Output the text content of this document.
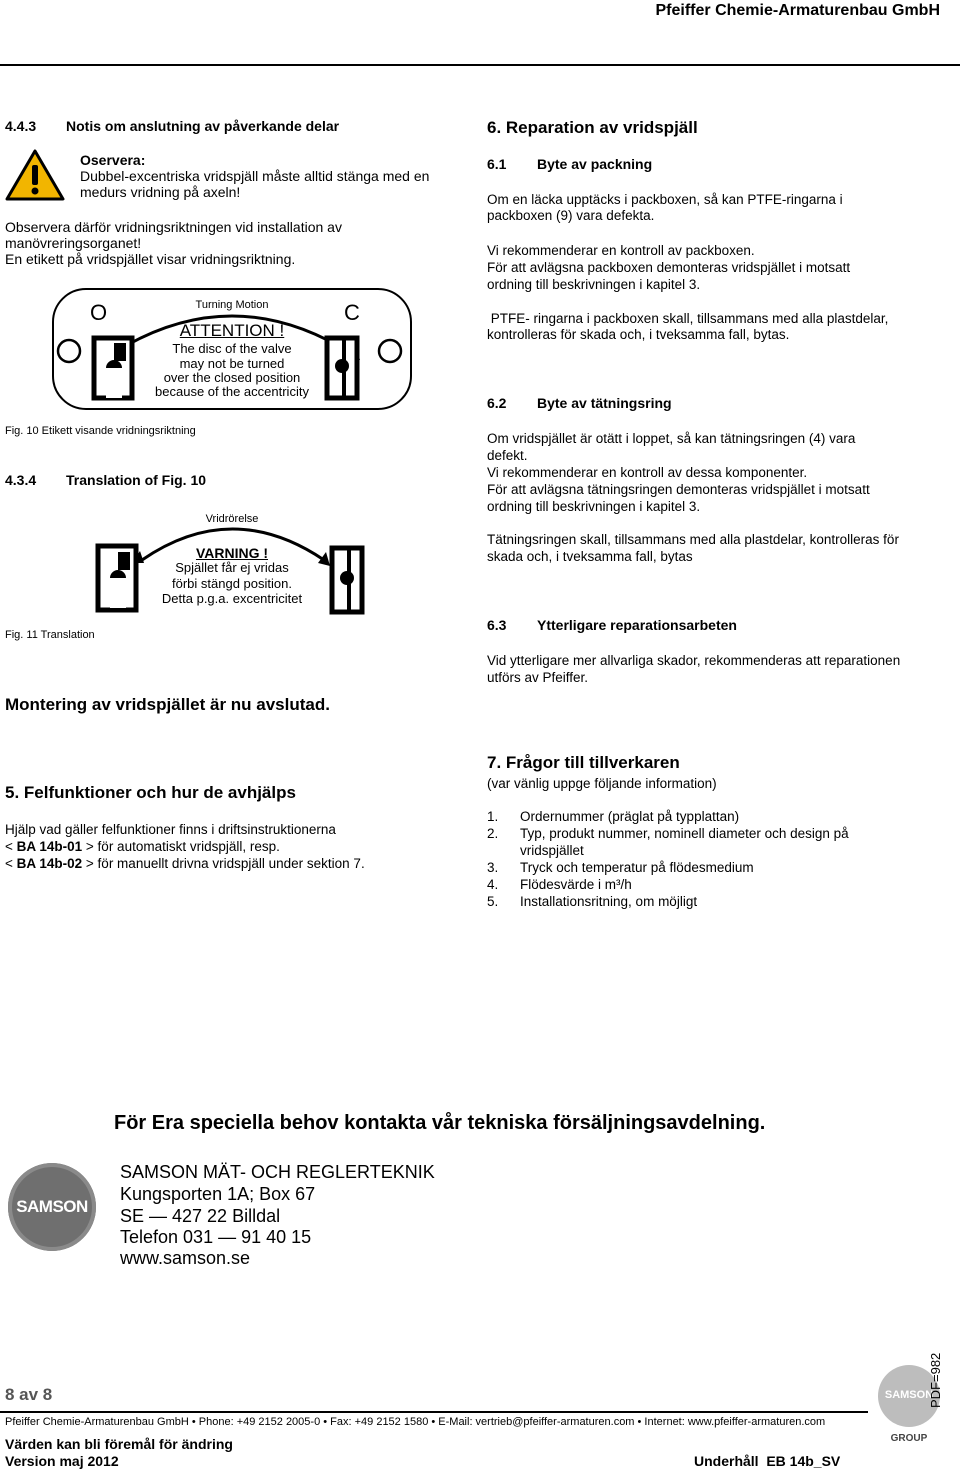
Pfeiffer Chemie-Armaturenbau GmbH
4.4.3 Notis om anslutning av påverkande delar
Oservera:
Dubbel-excentriska vridspjäll måste alltid stänga med en
medurs vridning på axeln!
Observera därför vridningsriktningen vid installation av
manövreringsorganet!
En etikett på vridspjället visar vridningsriktning.
O	C
Turning Motion
ATTENTION !
The disc of the valve
may not be turned
over the closed position
because of the accentricity
Fig. 10 Etikett visande vridningsriktning
4.3.4 Translation of Fig. 10
Vridrörelse
VARNING !
Spjället får ej vridas
förbi stängd position.
Detta p.g.a. excentricitet
Fig. 11 Translation
Montering av vridspjället är nu avslutad.
6. Reparation av vridspjäll
6.1 Byte av packning
Om en läcka upptäcks i packboxen, så kan PTFE-ringarna i
packboxen (9) vara defekta.
Vi rekommenderar en kontroll av packboxen.
För att avlägsna packboxen demonteras vridspjället i motsatt
ordning till beskrivningen i kapitel 3.
PTFE- ringarna i packboxen skall, tillsammans med alla plastdelar,
kontrolleras för skada och, i tveksamma fall, bytas.
6.2 Byte av tätningsring
Om vridspjället är otätt i loppet, så kan tätningsringen (4) vara
defekt.
Vi rekommenderar en kontroll av dessa komponenter.
För att avlägsna tätningsringen demonteras vridspjället i motsatt
ordning till beskrivningen i kapitel 3.
Tätningsringen skall, tillsammans med alla plastdelar, kontrolleras för
skada och, i tveksamma fall, bytas
6.3 Ytterligare reparationsarbeten
Vid ytterligare mer allvarliga skador, rekommenderas att reparationen
utförs av Pfeiffer.
5. Felfunktioner och hur de avhjälps
Hjälp vad gäller felfunktioner finns i driftsinstruktionerna
< BA 14b-01 > för automatiskt vridspjäll, resp.
< BA 14b-02 > för manuellt drivna vridspjäll under sektion 7.
7. Frågor till tillverkaren
(var vänlig uppge följande information)
1. Ordernummer (präglat på typplattan)
2. Typ, produkt nummer, nominell diameter och design på
vridspjället
3. Tryck och temperatur på flödesmedium
4. Flödesvärde i m³/h
5. Installationsritning, om möjligt
För Era speciella behov kontakta vår tekniska försäljningsavdelning.
SAMSON
SAMSON MÄT- OCH REGLERTEKNIK
Kungsporten 1A; Box 67
SE — 427 22 Billdal
Telefon 031 — 91 40 15
www.samson.se
8 av 8	SAMSON
GROUP
PDF=982
Pfeiffer Chemie-Armaturenbau GmbH • Phone: +49 2152 2005-0 • Fax: +49 2152 1580 • E-Mail: vertrieb@pfeiffer-armaturen.com • Internet: www.pfeiffer-armaturen.com
Värden kan bli föremål för ändring
Version maj 2012	Underhåll  EB 14b_SV
